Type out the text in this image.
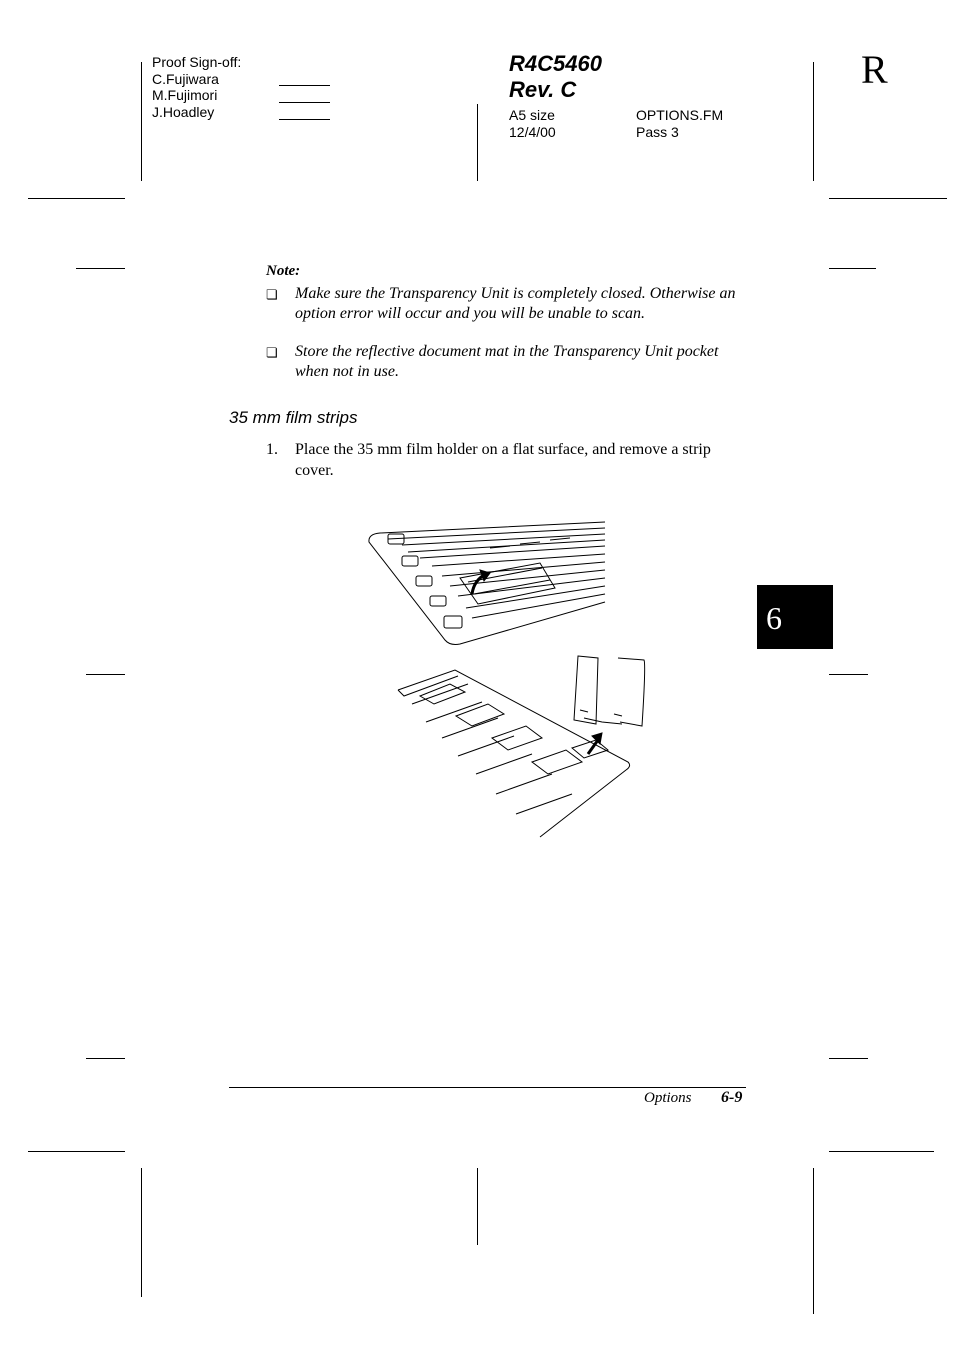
Proof Sign-off:
C.Fujiwara
M.Fujimori
J.Hoadley
R4C5460
Rev. C
A5 size
12/4/00
OPTIONS.FM
Pass 3
R
Note:
❏ Make sure the Transparency Unit is completely closed. Otherwise an option error will occur and you will be unable to scan.
❏ Store the reflective document mat in the Transparency Unit pocket when not in use.
35 mm film strips
1. Place the 35 mm film holder on a flat surface, and remove a strip cover.
6
Options 6-9
